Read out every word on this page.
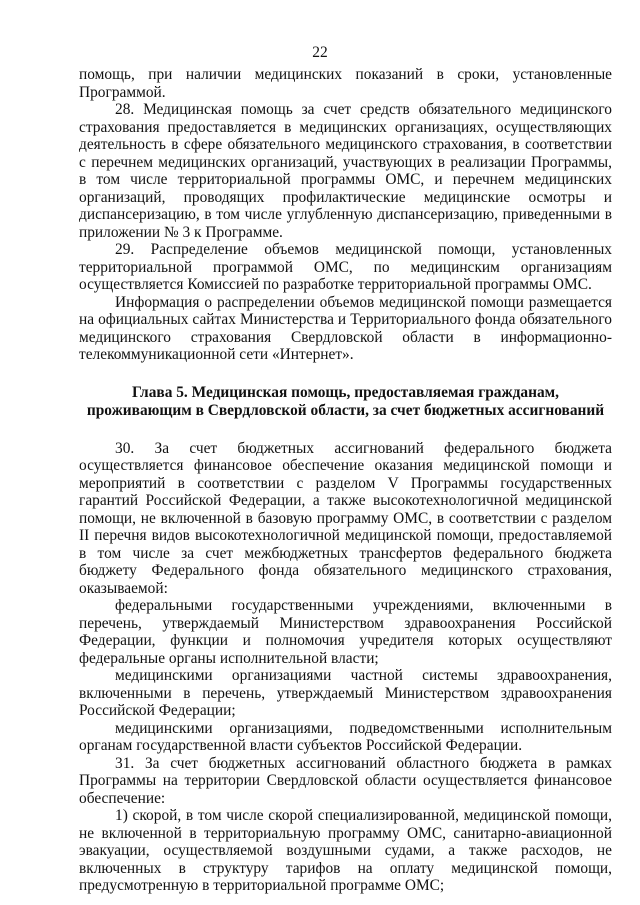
22

помощь, при наличии медицинских показаний в сроки, установленные Программой.

28. Медицинская помощь за счет средств обязательного медицинского страхования предоставляется в медицинских организациях, осуществляющих деятельность в сфере обязательного медицинского страхования, в соответствии с перечнем медицинских организаций, участвующих в реализации Программы, в том числе территориальной программы ОМС, и перечнем медицинских организаций, проводящих профилактические медицинские осмотры и диспансеризацию, в том числе углубленную диспансеризацию, приведенными в приложении № 3 к Программе.

29. Распределение объемов медицинской помощи, установленных территориальной программой ОМС, по медицинским организациям осуществляется Комиссией по разработке территориальной программы ОМС.

Информация о распределении объемов медицинской помощи размещается на официальных сайтах Министерства и Территориального фонда обязательного медицинского страхования Свердловской области в информационно-телекоммуникационной сети «Интернет».

Глава 5. Медицинская помощь, предоставляемая гражданам,

проживающим в Свердловской области, за счет бюджетных ассигнований

30. За счет бюджетных ассигнований федерального бюджета осуществляется финансовое обеспечение оказания медицинской помощи и мероприятий в соответствии с разделом V Программы государственных гарантий Российской Федерации, а также высокотехнологичной медицинской помощи, не включенной в базовую программу ОМС, в соответствии с разделом II перечня видов высокотехнологичной медицинской помощи, предоставляемой в том числе за счет межбюджетных трансфертов федерального бюджета бюджету Федерального фонда обязательного медицинского страхования, оказываемой:

федеральными государственными учреждениями, включенными в перечень, утверждаемый Министерством здравоохранения Российской Федерации, функции и полномочия учредителя которых осуществляют федеральные органы исполнительной власти;

медицинскими организациями частной системы здравоохранения, включенными в перечень, утверждаемый Министерством здравоохранения Российской Федерации;

медицинскими организациями, подведомственными исполнительным органам государственной власти субъектов Российской Федерации.

31. За счет бюджетных ассигнований областного бюджета в рамках Программы на территории Свердловской области осуществляется финансовое обеспечение:

1) скорой, в том числе скорой специализированной, медицинской помощи, не включенной в территориальную программу ОМС, санитарно-авиационной эвакуации, осуществляемой воздушными судами, а также расходов, не включенных в структуру тарифов на оплату медицинской помощи, предусмотренную в территориальной программе ОМС;
